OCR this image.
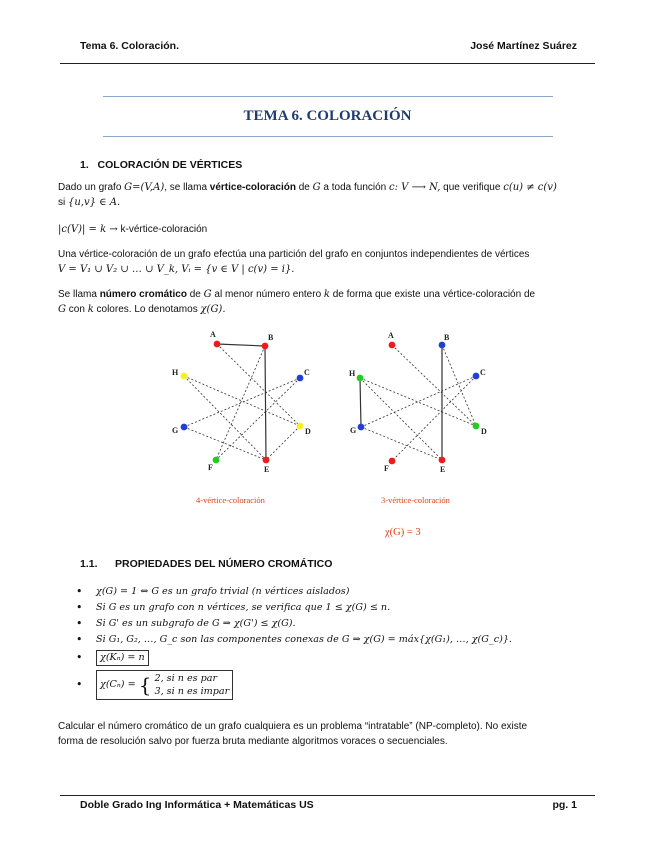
Tema 6. Coloración.	José Martínez Suárez
TEMA 6. COLORACIÓN
1. COLORACIÓN DE VÉRTICES
Dado un grafo G=(V,A), se llama vértice-coloración de G a toda función c: V ⟶ N, que verifique c(u) ≠ c(v)
si {u,v} ∈ A.
|c(V)| = k → k-vértice-coloración
Una vértice-coloración de un grafo efectúa una partición del grafo en conjuntos independientes de vértices
V = V₁ ∪ V₂ ∪ … ∪ V_k, Vᵢ = {v ∈ V | c(v) = i}.
Se llama número cromático de G al menor número entero k de forma que existe una vértice-coloración de
G con k colores. Lo denotamos χ(G).
A	B
C
D
E
F
G
H
A	B
C
D
E
F
G
H
4-vértice-coloración	3-vértice-coloración
χ(G) = 3
1.1. PROPIEDADES DEL NÚMERO CROMÁTICO
• χ(G) = 1 ⇔ G es un grafo trivial (n vértices aislados)
• Si G es un grafo con n vértices, se verifica que 1 ≤ χ(G) ≤ n.
• Si G' es un subgrafo de G ⇒ χ(G') ≤ χ(G).
• Si G₁, G₂, …, G_c son las componentes conexas de G ⇒ χ(G) = máx{χ(G₁), …, χ(G_c)}.
• χ(Kₙ) = n
• χ(Cₙ) = { 2, si n es par
3, si n es impar
Calcular el número cromático de un grafo cualquiera es un problema “intratable” (NP-completo). No existe
forma de resolución salvo por fuerza bruta mediante algoritmos voraces o secuenciales.
Doble Grado Ing Informática + Matemáticas US	pg. 1
